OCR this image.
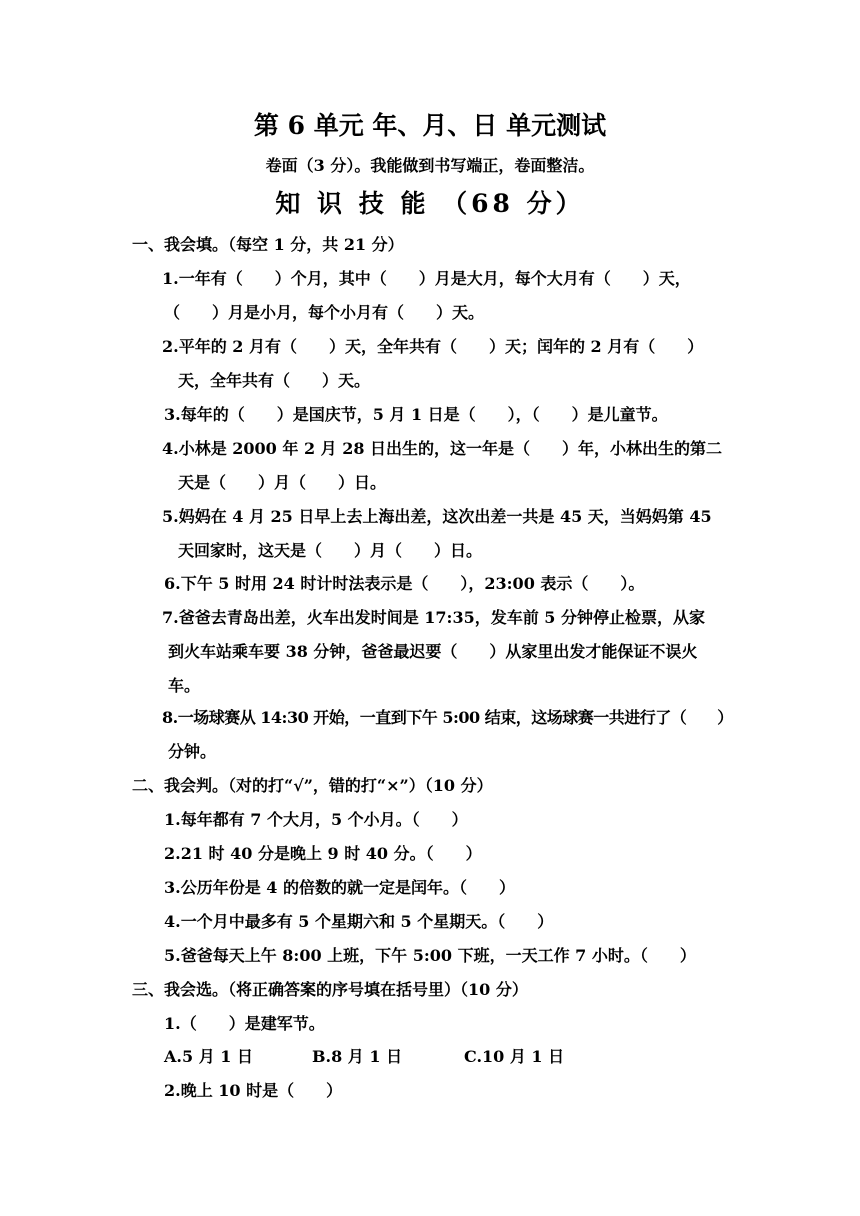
第 6 单元 年、月、日 单元测试
卷面（3 分）。我能做到书写端正，卷面整洁。
知 识 技 能 （68 分）
一、我会填。（每空 1 分，共 21 分）
1.一年有（　　）个月，其中（　　）月是大月，每个大月有（　　）天，
（　　）月是小月，每个小月有（　　）天。
2.平年的 2 月有（　　）天，全年共有（　　）天；闰年的 2 月有（　　）
天，全年共有（　　）天。
3.每年的（　　）是国庆节，5 月 1 日是（　　），（　　）是儿童节。
4.小林是 2000 年 2 月 28 日出生的，这一年是（　　）年，小林出生的第二
天是（　　）月（　　）日。
5.妈妈在 4 月 25 日早上去上海出差，这次出差一共是 45 天，当妈妈第 45
天回家时，这天是（　　）月（　　）日。
6.下午 5 时用 24 时计时法表示是（　　），23:00 表示（　　）。
7.爸爸去青岛出差，火车出发时间是 17:35，发车前 5 分钟停止检票，从家
到火车站乘车要 38 分钟，爸爸最迟要（　　）从家里出发才能保证不误火
车。
8.一场球赛从 14:30 开始，一直到下午 5:00 结束，这场球赛一共进行了（　　）
分钟。
二、我会判。（对的打“√”，错的打“×”）（10 分）
1.每年都有 7 个大月，5 个小月。（　　）
2.21 时 40 分是晚上 9 时 40 分。（　　）
3.公历年份是 4 的倍数的就一定是闰年。（　　）
4.一个月中最多有 5 个星期六和 5 个星期天。（　　）
5.爸爸每天上午 8:00 上班，下午 5:00 下班，一天工作 7 小时。（　　）
三、我会选。（将正确答案的序号填在括号里）（10 分）
1.（　　）是建军节。
A.5 月 1 日	B.8 月 1 日	C.10 月 1 日
2.晚上 10 时是（　　）
